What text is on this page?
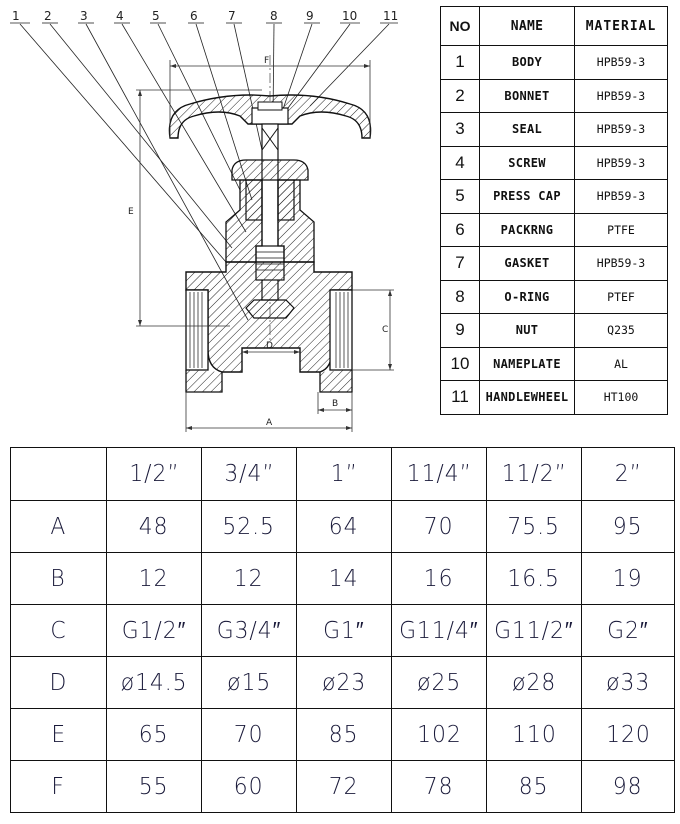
1 2 3 4 5	6	7	8 9 10 11
E
F
C
D
B
A
NO	NAME	MATERIAL
1	BODY	HPB59-3
2	BONNET	HPB59-3
3	SEAL	HPB59-3
4	SCREW	HPB59-3
5	PRESS CAP	HPB59-3
6	PACKRNG	PTFE
7	GASKET	HPB59-3
8	O-RING	PTEF
9	NUT	Q235
10	NAMEPLATE	AL
11	HANDLEWHEEL	HT100
	1/2”	3/4”	1”	11/4”	11/2”	2”
A	48	52.5	64	70	75.5	95
B	12	12	14	16	16.5	19
C	G1/2″	G3/4″	G1″	G11/4″	G11/2″	G2″
D	ø14.5	ø15	ø23	ø25	ø28	ø33
E	65	70	85	102	110	120
F	55	60	72	78	85	98
